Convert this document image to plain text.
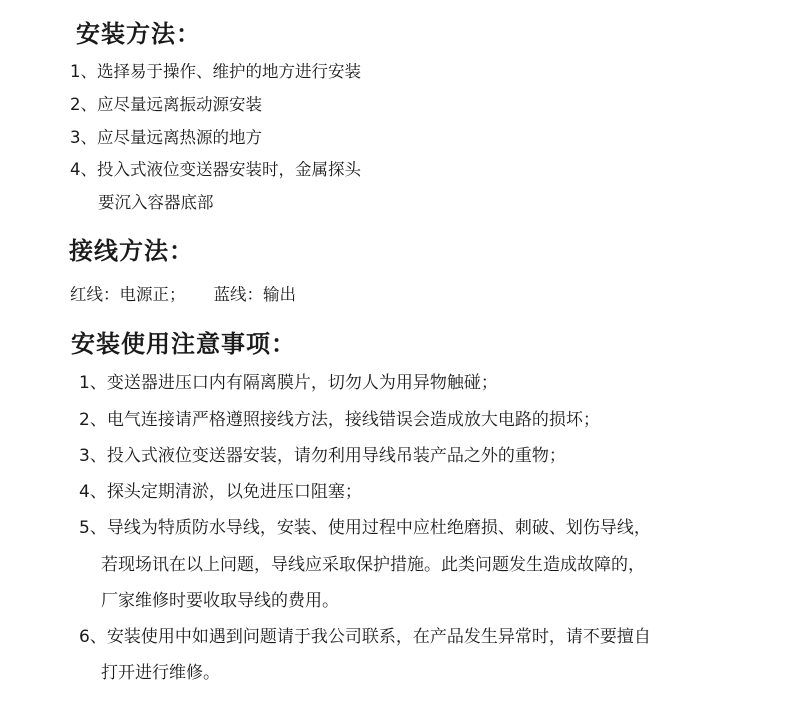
安装方法：

1、选择易于操作、维护的地方进行安装

2、应尽量远离振动源安装

3、应尽量远离热源的地方

4、投入式液位变送器安装时，金属探头

要沉入容器底部

接线方法：

红线：电源正； 蓝线：输出

安装使用注意事项：

1、变送器进压口内有隔离膜片，切勿人为用异物触碰；

2、电气连接请严格遵照接线方法，接线错误会造成放大电路的损坏；

3、投入式液位变送器安装，请勿利用导线吊装产品之外的重物；

4、探头定期清淤，以免进压口阻塞；

5、导线为特质防水导线，安装、使用过程中应杜绝磨损、刺破、划伤导线，

若现场讯在以上问题，导线应采取保护措施。此类问题发生造成故障的，

厂家维修时要收取导线的费用。

6、安装使用中如遇到问题请于我公司联系，在产品发生异常时，请不要擅自

打开进行维修。
